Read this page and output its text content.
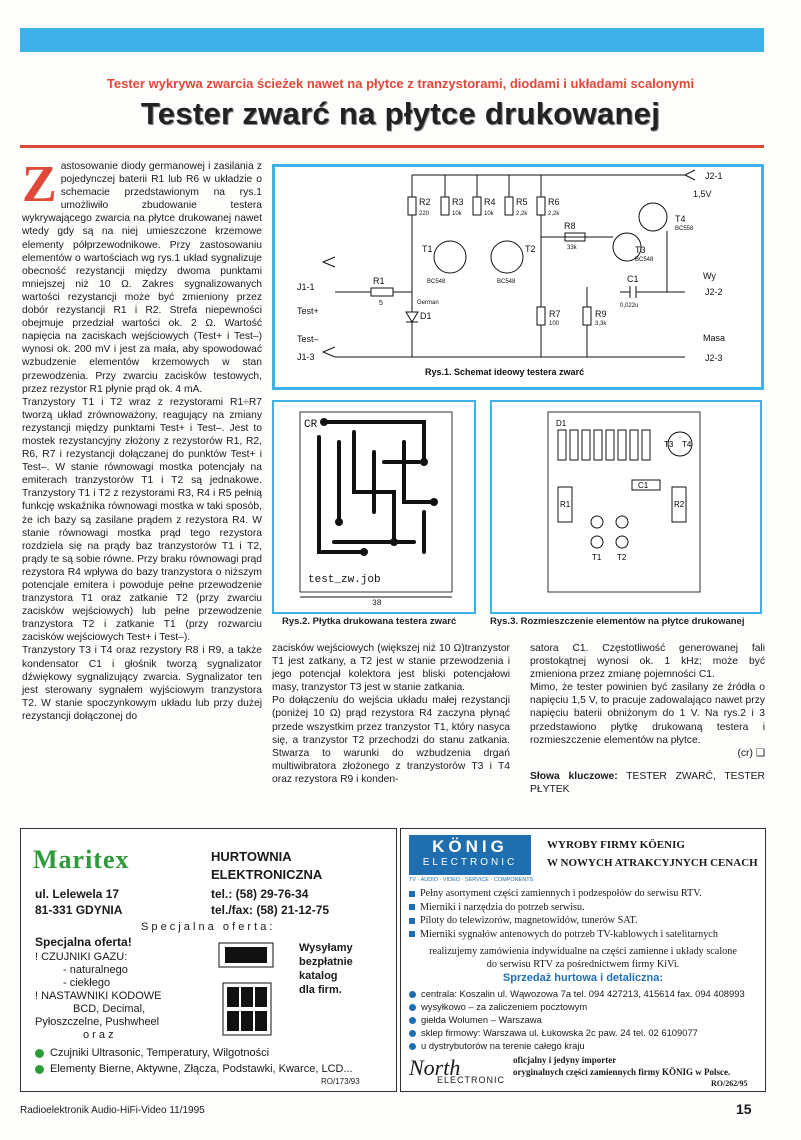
Tester wykrywa zwarcia ścieżek nawet na płytce z tranzystorami, diodami i układami scalonymi
Tester zwarć na płytce drukowanej
Z astosowanie diody germanowej i zasilania z pojedynczej baterii R1 lub R6 w układzie o schemacie przedstawionym na rys.1 umożliwiło zbudowanie testera wykrywającego zwarcia na płytce drukowanej nawet wtedy gdy są na niej umieszczone krzemowe elementy półprzewodnikowe. Przy zastosowaniu elementów o wartościach wg rys.1 układ sygnalizuje obecność rezystancji między dwoma punktami mniejszej niż 10 Ω. Zakres sygnalizowanych wartości rezystancji może być zmieniony przez dobór rezystancji R1 i R2. Strefa niepewności obejmuje przedział wartości ok. 2 Ω. Wartość napięcia na zaciskach wejściowych (Test+ i Test–) wynosi ok. 200 mV i jest za mała, aby spowodować wzbudzenie elementów krzemowych w stan przewodzenia. Przy zwarciu zacisków testowych, przez rezystor R1 płynie prąd ok. 4 mA.

Tranzystory T1 i T2 wraz z rezystorami R1÷R7 tworzą układ zrównoważony, reagujący na zmiany rezystancji między punktami Test+ i Test–. Jest to mostek rezystancyjny złożony z rezystorów R1, R2, R6, R7 i rezystancji dołączanej do punktów Test+ i Test–. W stanie równowagi mostka potencjały na emiterach tranzystorów T1 i T2 są jednakowe. Tranzystory T1 i T2 z rezystorami R3, R4 i R5 pełnią funkcję wskaźnika równowagi mostka w taki sposób, że ich bazy są zasilane prądem z rezystora R4. W stanie równowagi mostka prąd tego rezystora rozdziela się na prądy baz tranzystorów T1 i T2, prądy te są sobie równe. Przy braku równowagi prąd rezystora R4 wpływa do bazy tranzystora o niższym potencjale emitera i powoduje pełne przewodzenie tranzystora T1 oraz zatkanie T2 (przy zwarciu zacisków wejściowych) lub pełne przewodzenie tranzystora T2 i zatkanie T1 (przy rozwarciu zacisków wejściowych Test+ i Test–).

Tranzystory T3 i T4 oraz rezystory R8 i R9, a także kondensator C1 i głośnik tworzą sygnalizator dźwiękowy sygnalizujący zwarcia. Sygnalizator ten jest sterowany sygnałem wyjściowym tranzystora T2. W stanie spoczynkowym układu lub przy dużej rezystancji dołączonej do

J1-1
Test+
Test–
J1-3
R1
5
R2
220
R3
10k
R4
10k
R5
2,2k
R6
2,2k
R8
33k
T1
BC548
T2
BC548
T3
BC548
T4
BC558
R7
100
R9
3,3k
C1
0,022u
D1
German
J2-1
1,5V
Wy
J2-2
Masa
J2-3
Rys.1. Schemat ideowy testera zwarć
CR
test_zw.job
38
Rys.2. Płytka drukowana testera zwarć
D1
T3 T4
C1
R1	R2
T1 T2
Rys.3. Rozmieszczenie elementów na płytce drukowanej

zacisków wejściowych (większej niż 10 Ω)tranzystor T1 jest zatkany, a T2 jest w stanie przewodzenia i jego potencjał kolektora jest bliski potencjałowi masy, tranzystor T3 jest w stanie zatkania.

Po dołączeniu do wejścia układu małej rezystancji (poniżej 10 Ω) prąd rezystora R4 zaczyna płynąć przede wszystkim przez tranzystor T1, który nasyca się, a tranzystor T2 przechodzi do stanu zatkania. Stwarza to warunki do wzbudzenia drgań multiwibratora złożonego z tranzystorów T3 i T4 oraz rezystora R9 i konden-

satora C1. Częstotliwość generowanej fali prostokątnej wynosi ok. 1 kHz; może być zmieniona przez zmianę pojemności C1.

Mimo, że tester powinien być zasilany ze źródła o napięciu 1,5 V, to pracuje zadowalająco nawet przy napięciu baterii obniżonym do 1 V. Na rys.2 i 3 przedstawiono płytkę drukowaną testera i rozmieszczenie elementów na płytce.

(cr) ❑

Słowa kluczowe: TESTER ZWARĆ, TESTER PŁYTEK

Maritex	HURTOWNIA
ELEKTRONICZNA
ul. Lelewela 17
81-331 GDYNIA
tel.: (58) 29-76-34
tel./fax: (58) 21-12-75
S p e c j a l n a   o f e r t a :
Specjalna oferta!
! CZUJNIKI GAZU:
- naturalnego
- ciekłego
! NASTAWNIKI KODOWE
BCD, Decimal,
Pyłoszczelne, Pushwheel
o r a z
Wysyłamy
bezpłatnie
katalog
dla firm.
Czujniki Ultrasonic, Temperatury, Wilgotności
Elementy Bierne, Aktywne, Złącza, Podstawki, Kwarce, LCD...
RO/173/93
KÖNIG
ELECTRONIC
TV · AUDIO · VIDEO · SERVICE · COMPONENTS
WYROBY FIRMY KÖENIG
W NOWYCH ATRAKCYJNYCH CENACH
Pełny asortyment części zamiennych i podzespołów do serwisu RTV.
Mierniki i narzędzia do potrzeb serwisu.
Piloty do telewizorów, magnetowidów, tunerów SAT.
Mierniki sygnałów antenowych do potrzeb TV-kablowych i satelitarnych
realizujemy zamówienia indywidualne na części zamienne i układy scalone
do serwisu RTV za pośrednictwem firmy KiVi.
Sprzedaż hurtowa i detaliczna:
centrala: Koszalin ul. Wąwozowa 7a tel. 094 427213, 415614 fax. 094 408993
wysyłkowo – za zaliczeniem pocztowym
giełda Wolumen – Warszawa
sklep firmowy: Warszawa ul. Łukowska 2c paw. 24 tel. 02 6109077
u dystrybutorów na terenie całego kraju
North
ELECTRONIC
oficjalny i jedyny importer
oryginalnych części zamiennych firmy KÖNIG w Polsce.
RO/262/95
Radioelektronik Audio-HiFi-Video 11/1995	15
